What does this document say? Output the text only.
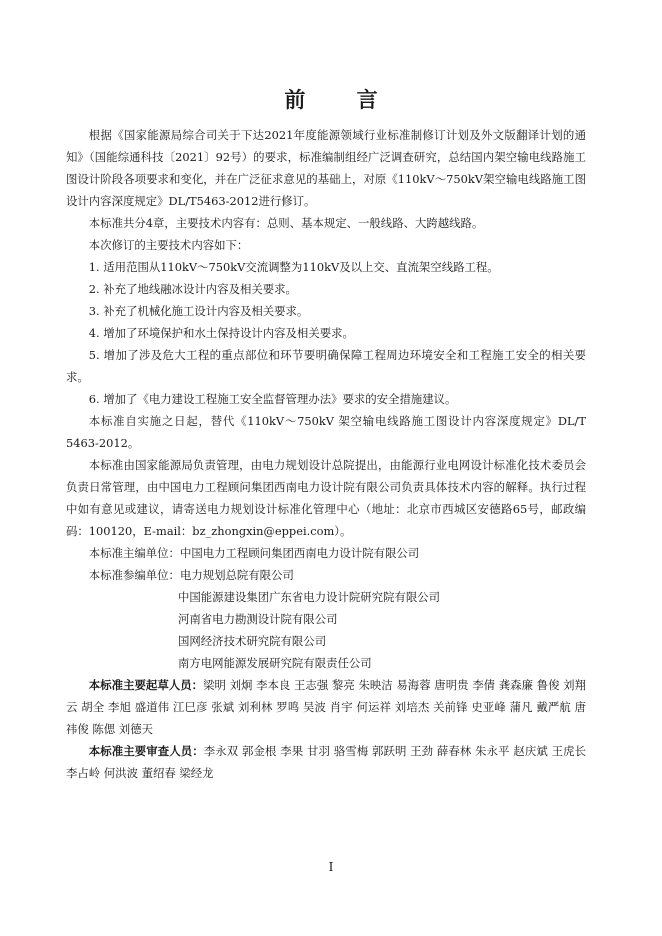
前 言

根据《国家能源局综合司关于下达2021年度能源领域行业标准制修订计划及外文版翻译计划的通知》（国能综通科技〔2021〕92号）的要求，标准编制组经广泛调查研究，总结国内架空输电线路施工图设计阶段各项要求和变化，并在广泛征求意见的基础上，对原《110kV～750kV架空输电线路施工图设计内容深度规定》DL/T5463-2012进行修订。

本标准共分4章，主要技术内容有：总则、基本规定、一般线路、大跨越线路。

本次修订的主要技术内容如下：

1. 适用范围从110kV～750kV交流调整为110kV及以上交、直流架空线路工程。

2. 补充了地线融冰设计内容及相关要求。

3. 补充了机械化施工设计内容及相关要求。

4. 增加了环境保护和水土保持设计内容及相关要求。

5. 增加了涉及危大工程的重点部位和环节要明确保障工程周边环境安全和工程施工安全的相关要求。

6. 增加了《电力建设工程施工安全监督管理办法》要求的安全措施建议。

本标准自实施之日起，替代《110kV～750kV 架空输电线路施工图设计内容深度规定》DL/T 5463-2012。

本标准由国家能源局负责管理，由电力规划设计总院提出，由能源行业电网设计标准化技术委员会负责日常管理，由中国电力工程顾问集团西南电力设计院有限公司负责具体技术内容的解释。执行过程中如有意见或建议，请寄送电力规划设计标准化管理中心（地址：北京市西城区安德路65号，邮政编码：100120，E-mail：bz_zhongxin@eppei.com）。

本标准主编单位：中国电力工程顾问集团西南电力设计院有限公司

本标准参编单位：电力规划总院有限公司

中国能源建设集团广东省电力设计院研究院有限公司

河南省电力勘测设计院有限公司

国网经济技术研究院有限公司

南方电网能源发展研究院有限责任公司

本标准主要起草人员：梁明 刘炯 李本良 王志强 黎亮 朱映洁 易海蓉 唐明贵 李倩 龚森廉 鲁俊 刘翔云 胡全 李旭 盛道伟 江巳彦 张斌 刘利林 罗鸣 吴波 肖宇 何运祥 刘培杰 关前锋 史亚峰 蒲凡 戴严航 唐祎俊 陈偲 刘德天

本标准主要审查人员：李永双 郭金根 李果 甘羽 骆雪梅 郭跃明 王劲 薛春林 朱永平 赵庆斌 王虎长 李占岭 何洪波 董绍春 梁经龙

I
